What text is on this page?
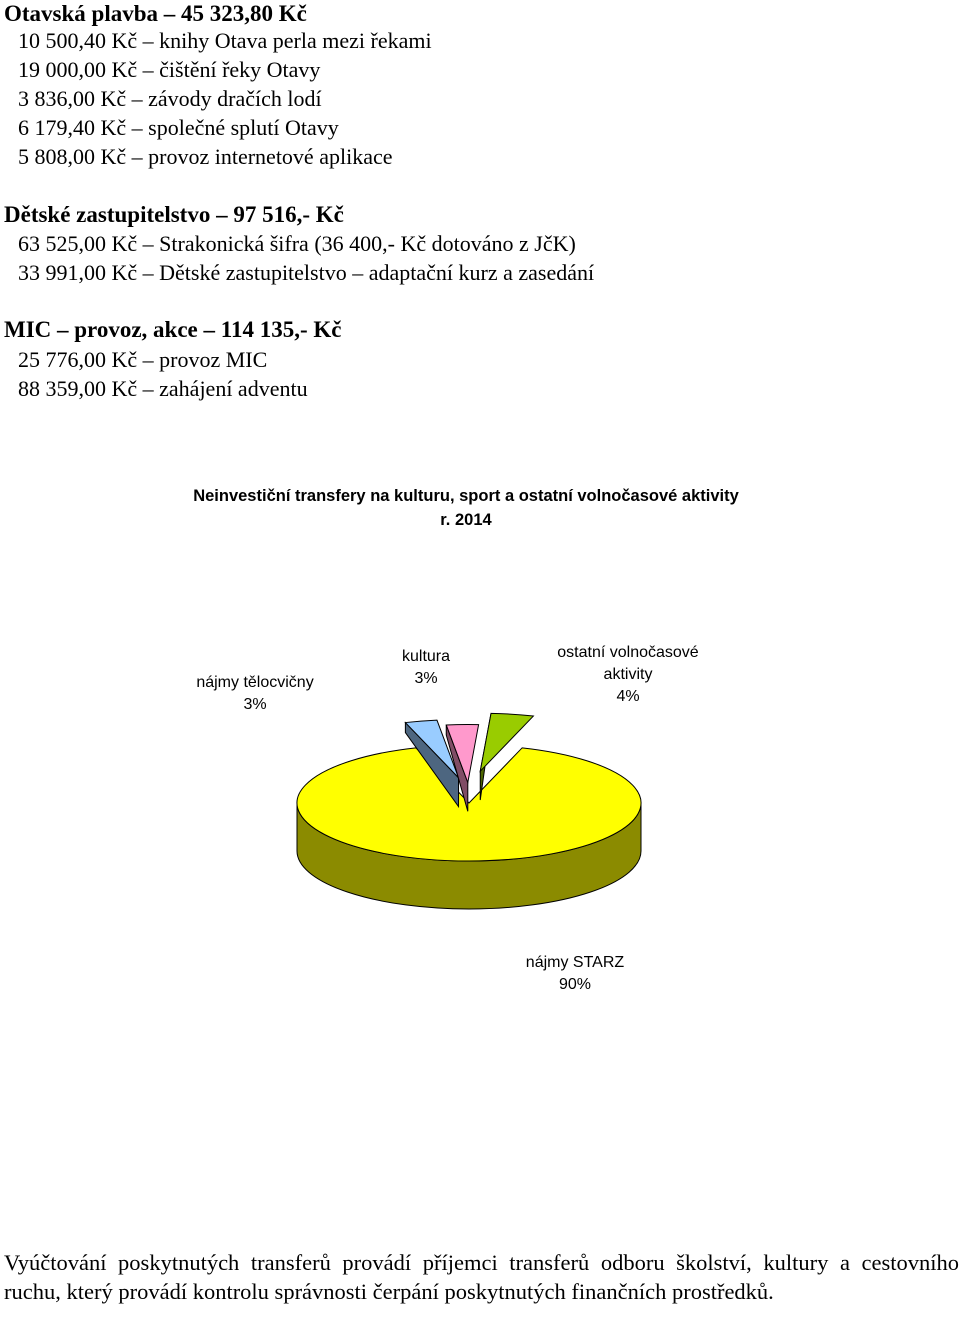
Otavská plavba – 45 323,80 Kč
10 500,40 Kč – knihy Otava perla mezi řekami
19 000,00 Kč – čištění řeky Otavy
3 836,00 Kč – závody dračích lodí
6 179,40 Kč – společné splutí Otavy
5 808,00 Kč – provoz internetové aplikace
Dětské zastupitelstvo – 97 516,- Kč
63 525,00 Kč – Strakonická šifra (36 400,- Kč dotováno z JčK)
33 991,00 Kč – Dětské zastupitelstvo – adaptační kurz a zasedání
MIC – provoz, akce – 114 135,- Kč
25 776,00 Kč – provoz MIC
88 359,00 Kč – zahájení adventu
Neinvestiční transfery na kulturu, sport a ostatní volnočasové aktivity
r. 2014
nájmy tělocvičny
3%
kultura
3%
ostatní volnočasové
aktivity
4%
nájmy STARZ
90%
Vyúčtování poskytnutých transferů provádí příjemci transferů odboru školství, kultury a cestovního ruchu, který provádí kontrolu správnosti čerpání poskytnutých finančních prostředků.
